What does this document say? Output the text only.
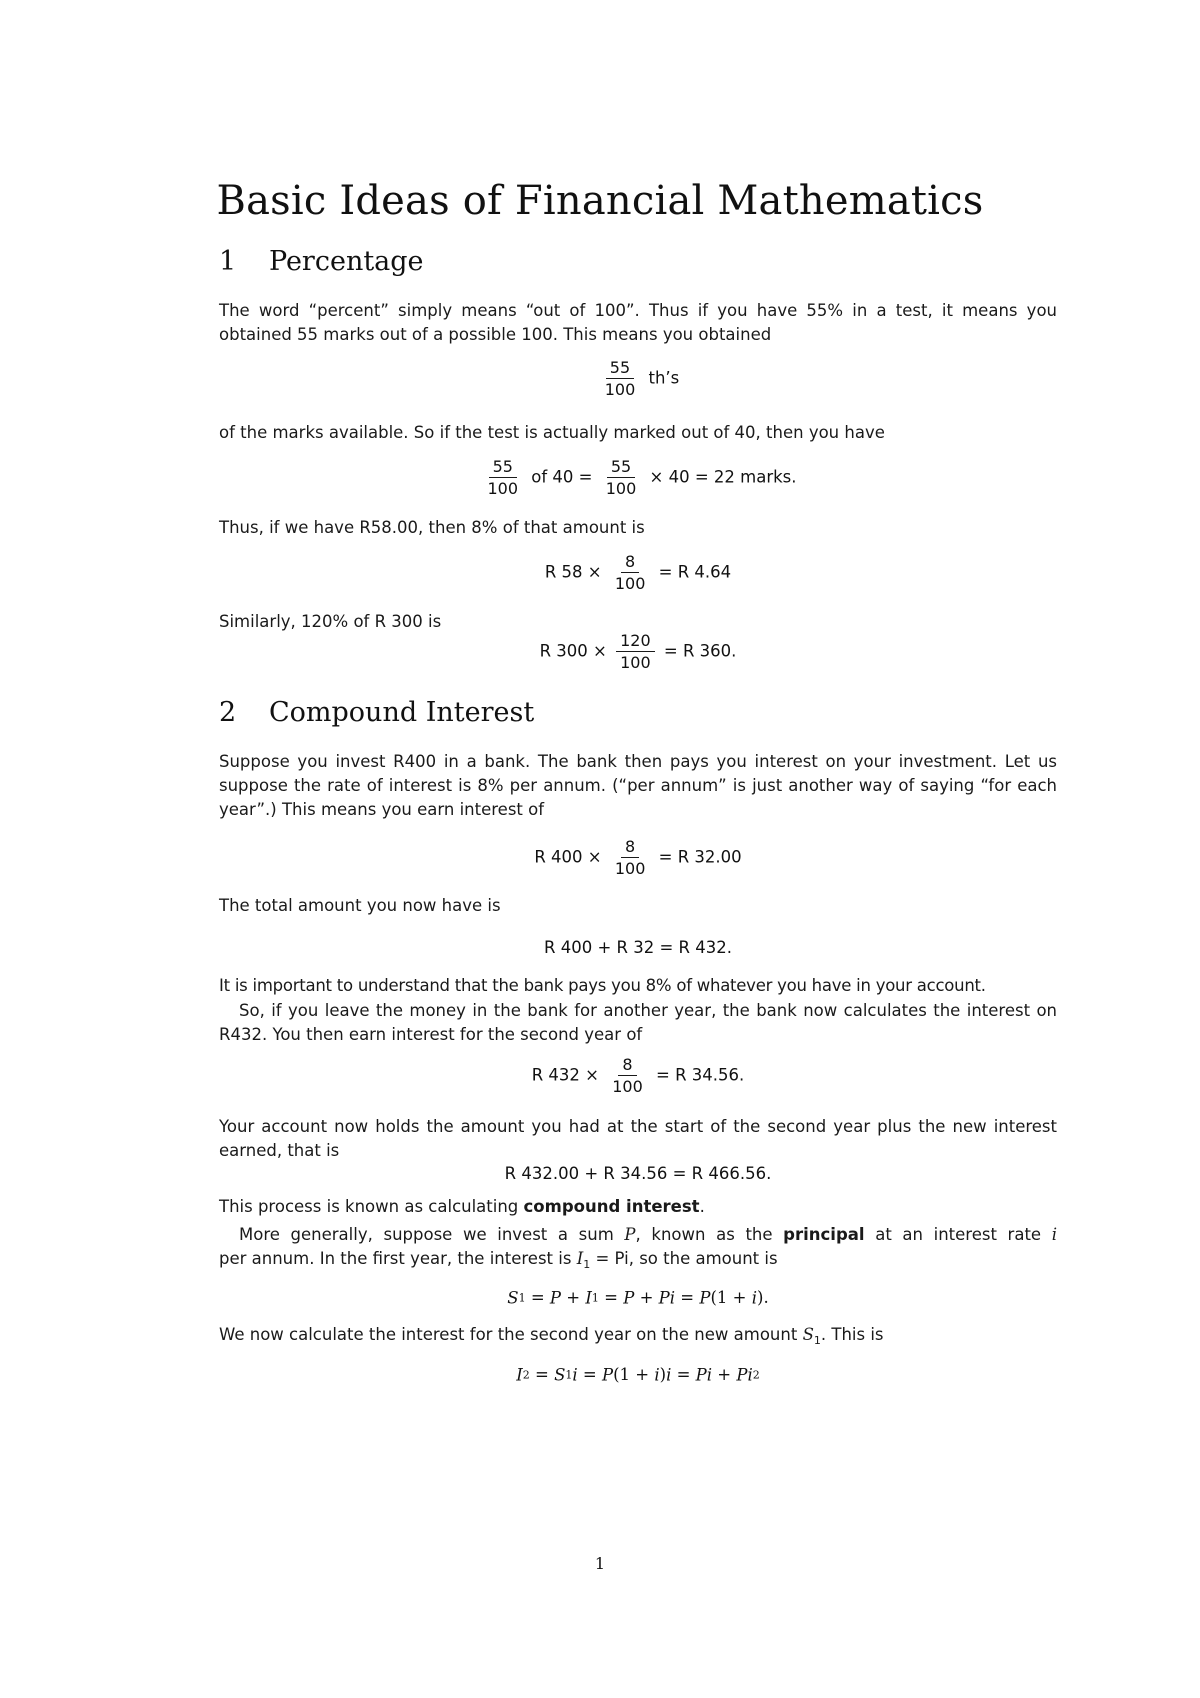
Basic Ideas of Financial Mathematics
1 Percentage

The word “percent” simply means “out of 100”. Thus if you have 55% in a test, it means you obtained 55 marks out of a possible 100. This means you obtained

$\frac{55}{100}$ th’s

of the marks available. So if the test is actually marked out of 40, then you have

$\frac{55}{100}$ of $40 = \frac{55}{100} \times 40 = 22$ marks.

Thus, if we have R58.00, then 8% of that amount is

R $58 \times \frac{8}{100} = R$ 4.64

Similarly, 120% of R 300 is

R $300 \times \frac{120}{100} = R$ 360.
2 Compound Interest

Suppose you invest R400 in a bank. The bank then pays you interest on your investment. Let us suppose the rate of interest is 8% per annum. (“per annum” is just another way of saying “for each year”.) This means you earn interest of

R $400 \times \frac{8}{100} = R$ 32.00

The total amount you now have is

R 400 + R 32 = R 432.

It is important to understand that the bank pays you 8% of whatever you have in your account.

So, if you leave the money in the bank for another year, the bank now calculates the interest on R432. You then earn interest for the second year of

R $432 \times \frac{8}{100} = R$ 34.56.

Your account now holds the amount you had at the start of the second year plus the new interest earned, that is

R 432.00 + R 34.56 = R 466.56.

This process is known as calculating compound interest.

More generally, suppose we invest a sum P, known as the principal at an interest rate i
per annum. In the first year, the interest is $I_1 = Pi$, so the amount is

S1 = P + I1 = P + Pi = P(1 + i).

We now calculate the interest for the second year on the new amount $S_1$. This is

I2 = S1i = P(1 + i)i = Pi + Pi2
1
